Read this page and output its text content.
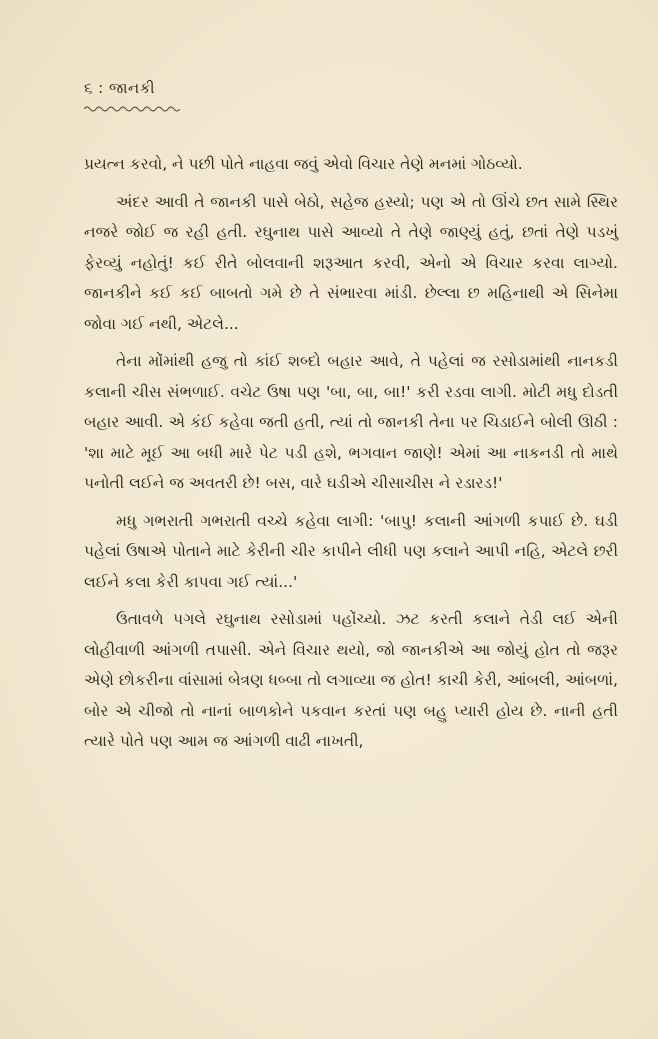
૬ : જાનકી

પ્રયત્ન કરવો, ને પછી પોતે નાહવા જવું એવો વિચાર તેણે મનમાં ગોઠવ્યો.

અંદર આવી તે જાનકી પાસે બેઠો, સહેજ હસ્યો; પણ એ તો ઊંચે છત સામે સ્થિર નજરે જોઈ જ રહી હતી. રઘુનાથ પાસે આવ્યો તે તેણે જાણ્યું હતું, છતાં તેણે પડખું ફેરવ્યું નહોતું! કઈ રીતે બોલવાની શરૂઆત કરવી, એનો એ વિચાર કરવા લાગ્યો. જાનકીને કઈ કઈ બાબતો ગમે છે તે સંભારવા માંડી. છેલ્લા છ મહિનાથી એ સિનેમા જોવા ગઈ નથી, એટલે...

તેના મોંમાંથી હજુ તો કાંઈ શબ્દો બહાર આવે, તે પહેલાં જ રસોડામાંથી નાનકડી કલાની ચીસ સંભળાઈ. વચેટ ઉષા પણ 'બા, બા, બા!' કરી રડવા લાગી. મોટી મધુ દોડતી બહાર આવી. એ કંઈ કહેવા જતી હતી, ત્યાં તો જાનકી તેના પર ચિડાઈને બોલી ઊઠી : 'શા માટે મૂઈ આ બધી મારે પેટ પડી હશે, ભગવાન જાણે! એમાં આ નાકનડી તો માથે પનોતી લઈને જ અવતરી છે! બસ, વારે ઘડીએ ચીસાચીસ ને રડારડ!'

મધુ ગભરાતી ગભરાતી વચ્ચે કહેવા લાગી: 'બાપુ! કલાની આંગળી કપાઈ છે. ઘડી પહેલાં ઉષાએ પોતાને માટે કેરીની ચીર કાપીને લીધી પણ કલાને આપી નહિ, એટલે છરી લઈને કલા કેરી કાપવા ગઈ ત્યાં...'

ઉતાવળે પગલે રઘુનાથ રસોડામાં પહોંચ્યો. ઝટ કરતી કલાને તેડી લઈ એની લોહીવાળી આંગળી તપાસી. એને વિચાર થયો, જો જાનકીએ આ જોયું હોત તો જરૂર એણે છોકરીના વાંસામાં બેત્રણ ધબ્બા તો લગાવ્યા જ હોત! કાચી કેરી, આંબલી, આંબળાં, બોર એ ચીજો તો નાનાં બાળકોને પકવાન કરતાં પણ બહુ પ્યારી હોય છે. નાની હતી ત્યારે પોતે પણ આમ જ આંગળી વાઢી નાખતી,
